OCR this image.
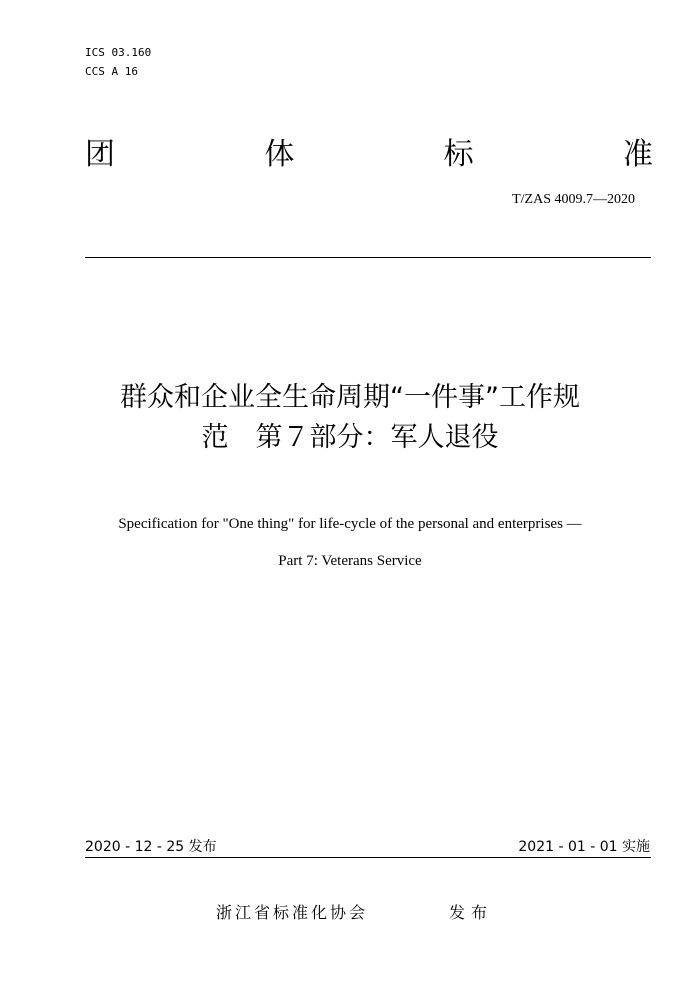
ICS 03.160
CCS A 16
团	体	标	准
T/ZAS 4009.7—2020
群众和企业全生命周期“一件事”工作规
范　第７部分：军人退役
Specification for "One thing" for life-cycle of the personal and enterprises —
Part 7: Veterans Service
2020 - 12 - 25 发布	2021 - 01 - 01 实施
浙江省标准化协会	发布
